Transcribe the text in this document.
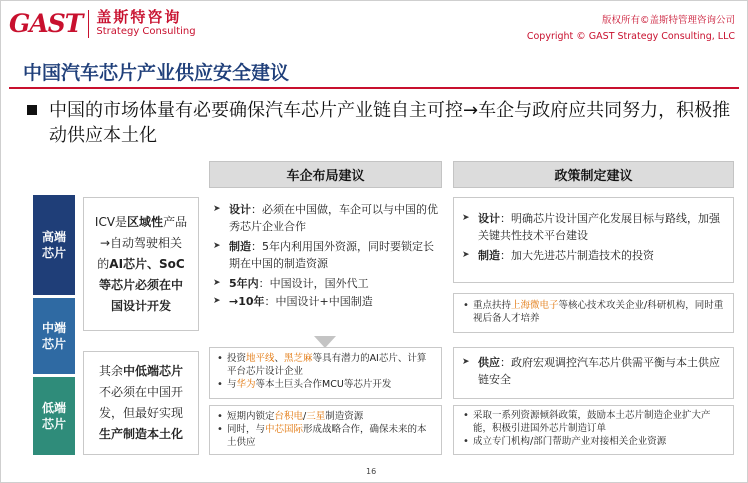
GAST 盖斯特咨询
Strategy Consulting
版权所有©盖斯特管理咨询公司
Copyright © GAST Strategy Consulting, LLC
中国汽车芯片产业供应安全建议
中国的市场体量有必要确保汽车芯片产业链自主可控→车企与政府应共同努力，积极推动供应本土化
车企布局建议	政策制定建议
高端芯片
中端芯片
低端芯片
ICV是区域性产品
→自动驾驶相关
的AI芯片、SoC
等芯片必须在中
国设计开发
其余中低端芯片
不必须在中国开
发，但最好实现
生产制造本土化
➤ 设计：必须在中国做，车企可以与中国的优秀芯片企业合作
➤ 制造：5年内利用国外资源，同时要锁定长期在中国的制造资源
➤ 5年内：中国设计，国外代工
➤ →10年：中国设计+中国制造
• 投资地平线、黑芝麻等具有潜力的AI芯片、计算平台芯片设计企业
• 与华为等本土巨头合作MCU等芯片开发
• 短期内锁定台积电/三星制造资源
• 同时，与中芯国际形成战略合作，确保未来的本土供应
➤ 设计：明确芯片设计国产化发展目标与路线，加强关键共性技术平台建设
➤ 制造：加大先进芯片制造技术的投资
• 重点扶持上海微电子等核心技术攻关企业/科研机构，同时重视后备人才培养
➤ 供应：政府宏观调控汽车芯片供需平衡与本土供应链安全
• 采取一系列资源倾斜政策，鼓励本土芯片制造企业扩大产能，积极引进国外芯片制造订单
• 成立专门机构/部门帮助产业对接相关企业资源
16
